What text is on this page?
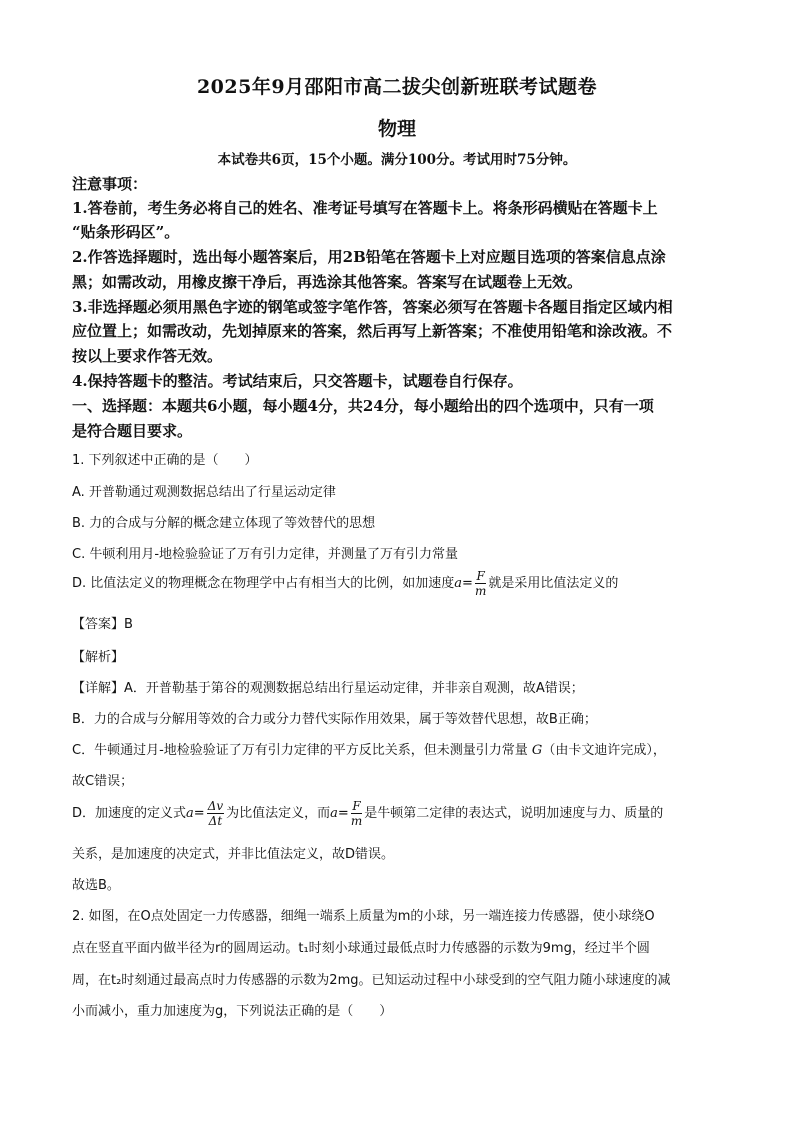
2025年9月邵阳市高二拔尖创新班联考试题卷
物理
本试卷共6页，15个小题。满分100分。考试用时75分钟。
注意事项：
1.答卷前，考生务必将自己的姓名、准考证号填写在答题卡上。将条形码横贴在答题卡上
“贴条形码区”。
2.作答选择题时，选出每小题答案后，用2B铅笔在答题卡上对应题目选项的答案信息点涂
黑；如需改动，用橡皮擦干净后，再选涂其他答案。答案写在试题卷上无效。
3.非选择题必须用黑色字迹的钢笔或签字笔作答，答案必须写在答题卡各题目指定区域内相
应位置上；如需改动，先划掉原来的答案，然后再写上新答案；不准使用铅笔和涂改液。不
按以上要求作答无效。
4.保持答题卡的整洁。考试结束后，只交答题卡，试题卷自行保存。
一、选择题：本题共6小题，每小题4分，共24分，每小题给出的四个选项中，只有一项
是符合题目要求。
1. 下列叙述中正确的是（　　）
A. 开普勒通过观测数据总结出了行星运动定律
B. 力的合成与分解的概念建立体现了等效替代的思想
C. 牛顿利用月-地检验验证了万有引力定律，并测量了万有引力常量
D. 比值法定义的物理概念在物理学中占有相当大的比例，如加速度$a= \frac{F}{m}$ 就是采用比值法定义的
【答案】B
【解析】
【详解】A．开普勒基于第谷的观测数据总结出行星运动定律，并非亲自观测，故A错误；
B．力的合成与分解用等效的合力或分力替代实际作用效果，属于等效替代思想，故B正确；
C．牛顿通过月-地检验验证了万有引力定律的平方反比关系，但未测量引力常量 G（由卡文迪许完成），
故C错误；
D．加速度的定义式$a= \frac{\Delta v}{\Delta t}$ 为比值法定义，而$a= \frac{F}{m}$ 是牛顿第二定律的表达式，说明加速度与力、质量的
关系，是加速度的决定式，并非比值法定义，故D错误。
故选B。
2. 如图，在O点处固定一力传感器，细绳一端系上质量为m的小球，另一端连接力传感器，使小球绕O
点在竖直平面内做半径为r的圆周运动。t₁时刻小球通过最低点时力传感器的示数为9mg，经过半个圆
周，在t₂时刻通过最高点时力传感器的示数为2mg。已知运动过程中小球受到的空气阻力随小球速度的减
小而减小，重力加速度为g，下列说法正确的是（　　）
